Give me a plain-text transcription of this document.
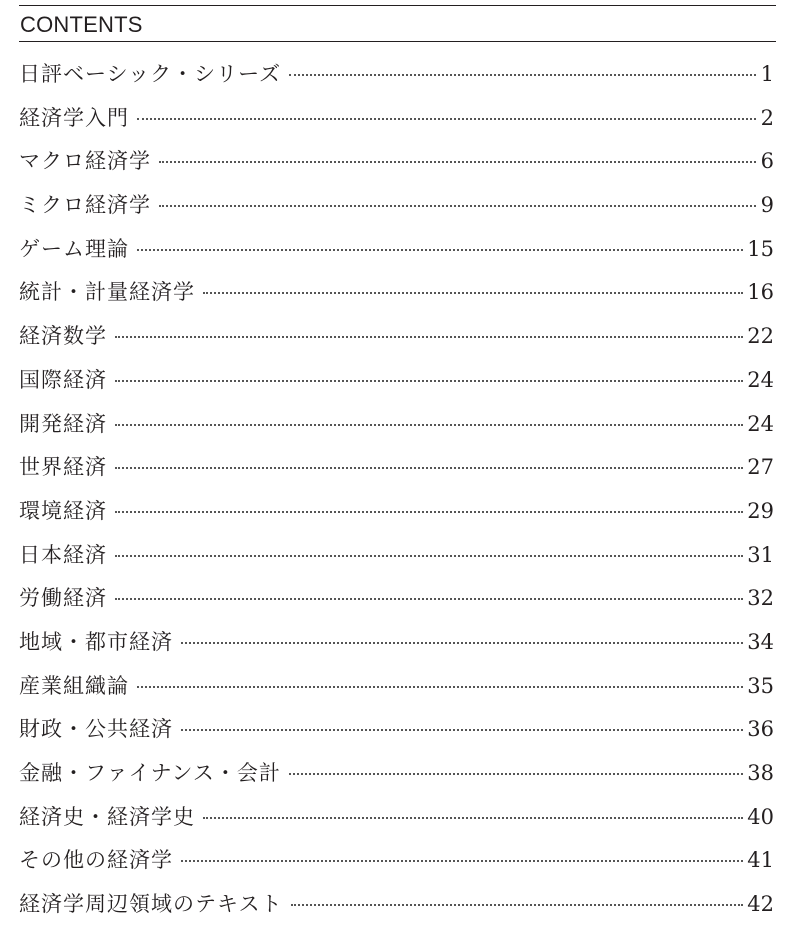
CONTENTS
日評ベーシック・シリーズ	1
経済学入門	2
マクロ経済学	6
ミクロ経済学	9
ゲーム理論	15
統計・計量経済学	16
経済数学	22
国際経済	24
開発経済	24
世界経済	27
環境経済	29
日本経済	31
労働経済	32
地域・都市経済	34
産業組織論	35
財政・公共経済	36
金融・ファイナンス・会計	38
経済史・経済学史	40
その他の経済学	41
経済学周辺領域のテキスト	42
